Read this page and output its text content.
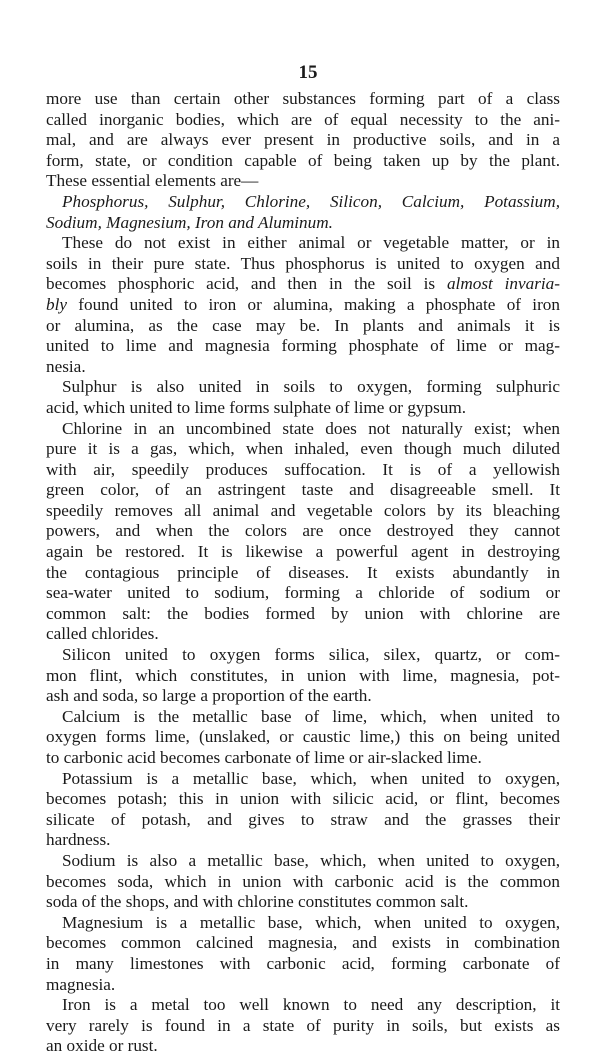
15
more use than certain other substances forming part of a class
called inorganic bodies, which are of equal necessity to the ani-
mal, and are always ever present in productive soils, and in a
form, state, or condition capable of being taken up by the plant.
These essential elements are—
Phosphorus, Sulphur, Chlorine, Silicon, Calcium, Potassium,
Sodium, Magnesium, Iron and Aluminum.
These do not exist in either animal or vegetable matter, or in
soils in their pure state. Thus phosphorus is united to oxygen and
becomes phosphoric acid, and then in the soil is almost invaria-
bly found united to iron or alumina, making a phosphate of iron
or alumina, as the case may be. In plants and animals it is
united to lime and magnesia forming phosphate of lime or mag-
nesia.
Sulphur is also united in soils to oxygen, forming sulphuric
acid, which united to lime forms sulphate of lime or gypsum.
Chlorine in an uncombined state does not naturally exist; when
pure it is a gas, which, when inhaled, even though much diluted
with air, speedily produces suffocation. It is of a yellowish
green color, of an astringent taste and disagreeable smell. It
speedily removes all animal and vegetable colors by its bleaching
powers, and when the colors are once destroyed they cannot
again be restored. It is likewise a powerful agent in destroying
the contagious principle of diseases. It exists abundantly in
sea-water united to sodium, forming a chloride of sodium or
common salt: the bodies formed by union with chlorine are
called chlorides.
Silicon united to oxygen forms silica, silex, quartz, or com-
mon flint, which constitutes, in union with lime, magnesia, pot-
ash and soda, so large a proportion of the earth.
Calcium is the metallic base of lime, which, when united to
oxygen forms lime, (unslaked, or caustic lime,) this on being united
to carbonic acid becomes carbonate of lime or air-slacked lime.
Potassium is a metallic base, which, when united to oxygen,
becomes potash; this in union with silicic acid, or flint, becomes
silicate of potash, and gives to straw and the grasses their
hardness.
Sodium is also a metallic base, which, when united to oxygen,
becomes soda, which in union with carbonic acid is the common
soda of the shops, and with chlorine constitutes common salt.
Magnesium is a metallic base, which, when united to oxygen,
becomes common calcined magnesia, and exists in combination
in many limestones with carbonic acid, forming carbonate of
magnesia.
Iron is a metal too well known to need any description, it
very rarely is found in a state of purity in soils, but exists as
an oxide or rust.
